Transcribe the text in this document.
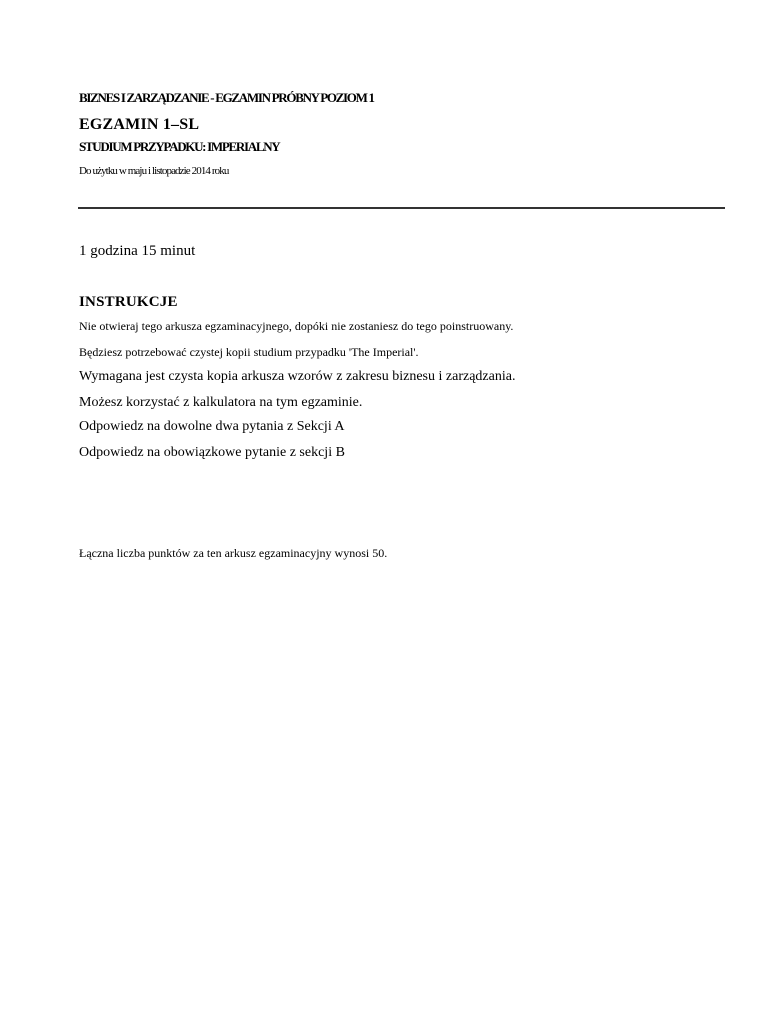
BIZNES I ZARZĄDZANIE - EGZAMIN PRÓBNY POZIOM 1
EGZAMIN 1–SL
STUDIUM PRZYPADKU: IMPERIALNY
Do użytku w maju i listopadzie 2014 roku
1 godzina 15 minut
INSTRUKCJE
Nie otwieraj tego arkusza egzaminacyjnego, dopóki nie zostaniesz do tego poinstruowany.
Będziesz potrzebować czystej kopii studium przypadku 'The Imperial'.
Wymagana jest czysta kopia arkusza wzorów z zakresu biznesu i zarządzania.
Możesz korzystać z kalkulatora na tym egzaminie.
Odpowiedz na dowolne dwa pytania z Sekcji A
Odpowiedz na obowiązkowe pytanie z sekcji B
Łączna liczba punktów za ten arkusz egzaminacyjny wynosi 50.
